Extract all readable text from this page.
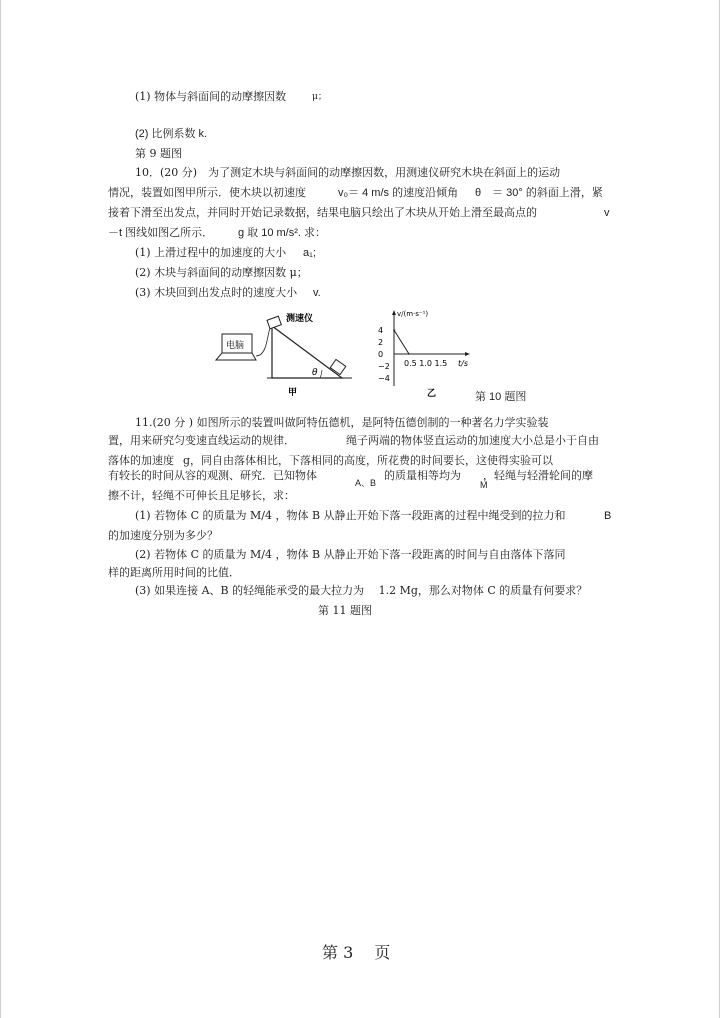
(1) 物体与斜面间的动摩擦因数	μ；
(2) 比例系数 k.
第 9 题图
10．(20 分)　为了测定木块与斜面间的动摩擦因数，用测速仪研究木块在斜面上的运动
情况，装置如图甲所示．使木块以初速度	v₀＝ 4 m/s 的速度沿倾角 θ　＝ 30° 的斜面上滑，紧
接着下滑至出发点，并同时开始记录数据，结果电脑只绘出了木块从开始上滑至最高点的	v
－t 图线如图乙所示． g 取 10 m/s². 求：
(1) 上滑过程中的加速度的大小 a₁;
(2) 木块与斜面间的动摩擦因数 μ；
(3) 木块回到出发点时的速度大小 v.
电脑
测速仪
θ
甲
v/(m·s⁻¹)
t/s
4
2
0
−2
−4
0.5 1.0 1.5
乙	第 10 题图
11.(20 分 ) 如图所示的装置叫做阿特伍德机，是阿特伍德创制的一种著名力学实验装
置，用来研究匀变速直线运动的规律．	绳子两端的物体竖直运动的加速度大小总是小于自由
落体的加速度 g，同自由落体相比，下落相同的高度，所花费的时间要长，这使得实验可以
有较长的时间从容的观测、研究．已知物体	的质量相等均为 ，轻绳与轻滑轮间的摩
A、B	M
擦不计，轻绳不可伸长且足够长，求：
(1) 若物体 C 的质量为 M/4 ，物体 B 从静止开始下落一段距离的过程中绳受到的拉力和	B
的加速度分别为多少？
(2) 若物体 C 的质量为 M/4 ，物体 B 从静止开始下落一段距离的时间与自由落体下落同
样的距离所用时间的比值．
(3) 如果连接 A、B 的轻绳能承受的最大拉力为　 1.2 Mg，那么对物体 C 的质量有何要求？
第 11 题图
第 3　 页
